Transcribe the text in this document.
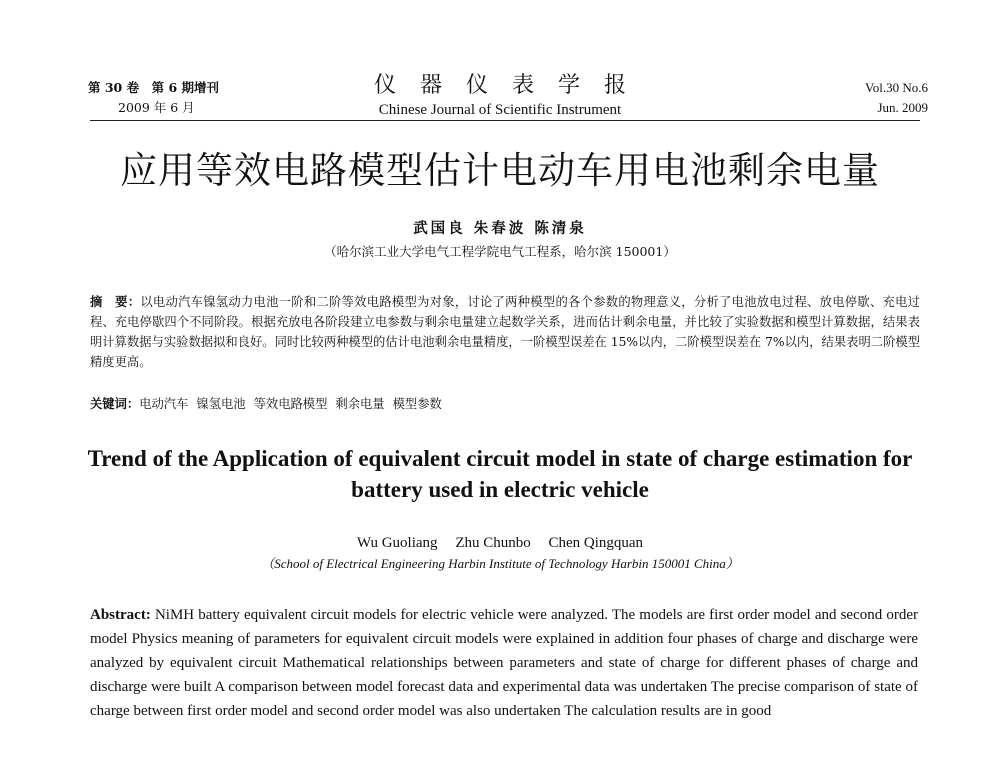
第 30 卷　第 6 期增刊
2009 年 6 月
仪器仪表学报
Chinese Journal of Scientific Instrument
Vol.30 No.6
Jun. 2009
应用等效电路模型估计电动车用电池剩余电量
武国良 朱春波 陈清泉
（哈尔滨工业大学电气工程学院电气工程系，哈尔滨 150001）
摘　要：以电动汽车镍氢动力电池一阶和二阶等效电路模型为对象，讨论了两种模型的各个参数的物理意义，分析了电池放电过程、放电停歇、充电过程、充电停歇四个不同阶段。根据充放电各阶段建立电参数与剩余电量建立起数学关系，进而估计剩余电量，并比较了实验数据和模型计算数据，结果表明计算数据与实验数据拟和良好。同时比较两种模型的估计电池剩余电量精度，一阶模型误差在 15%以内，二阶模型误差在 7%以内，结果表明二阶模型精度更高。
关键词：电动汽车 镍氢电池 等效电路模型 剩余电量 模型参数
Trend of the Application of equivalent circuit model in state of charge estimation for battery used in electric vehicle
Wu Guoliang Zhu Chunbo Chen Qingquan
（School of Electrical Engineering Harbin Institute of Technology Harbin 150001 China）
Abstract: NiMH battery equivalent circuit models for electric vehicle were analyzed. The models are first order model and second order model Physics meaning of parameters for equivalent circuit models were explained in addition four phases of charge and discharge were analyzed by equivalent circuit Mathematical relationships between parameters and state of charge for different phases of charge and discharge were built A comparison between model forecast data and experimental data was undertaken The precise comparison of state of charge between first order model and second order model was also undertaken The calculation results are in good
